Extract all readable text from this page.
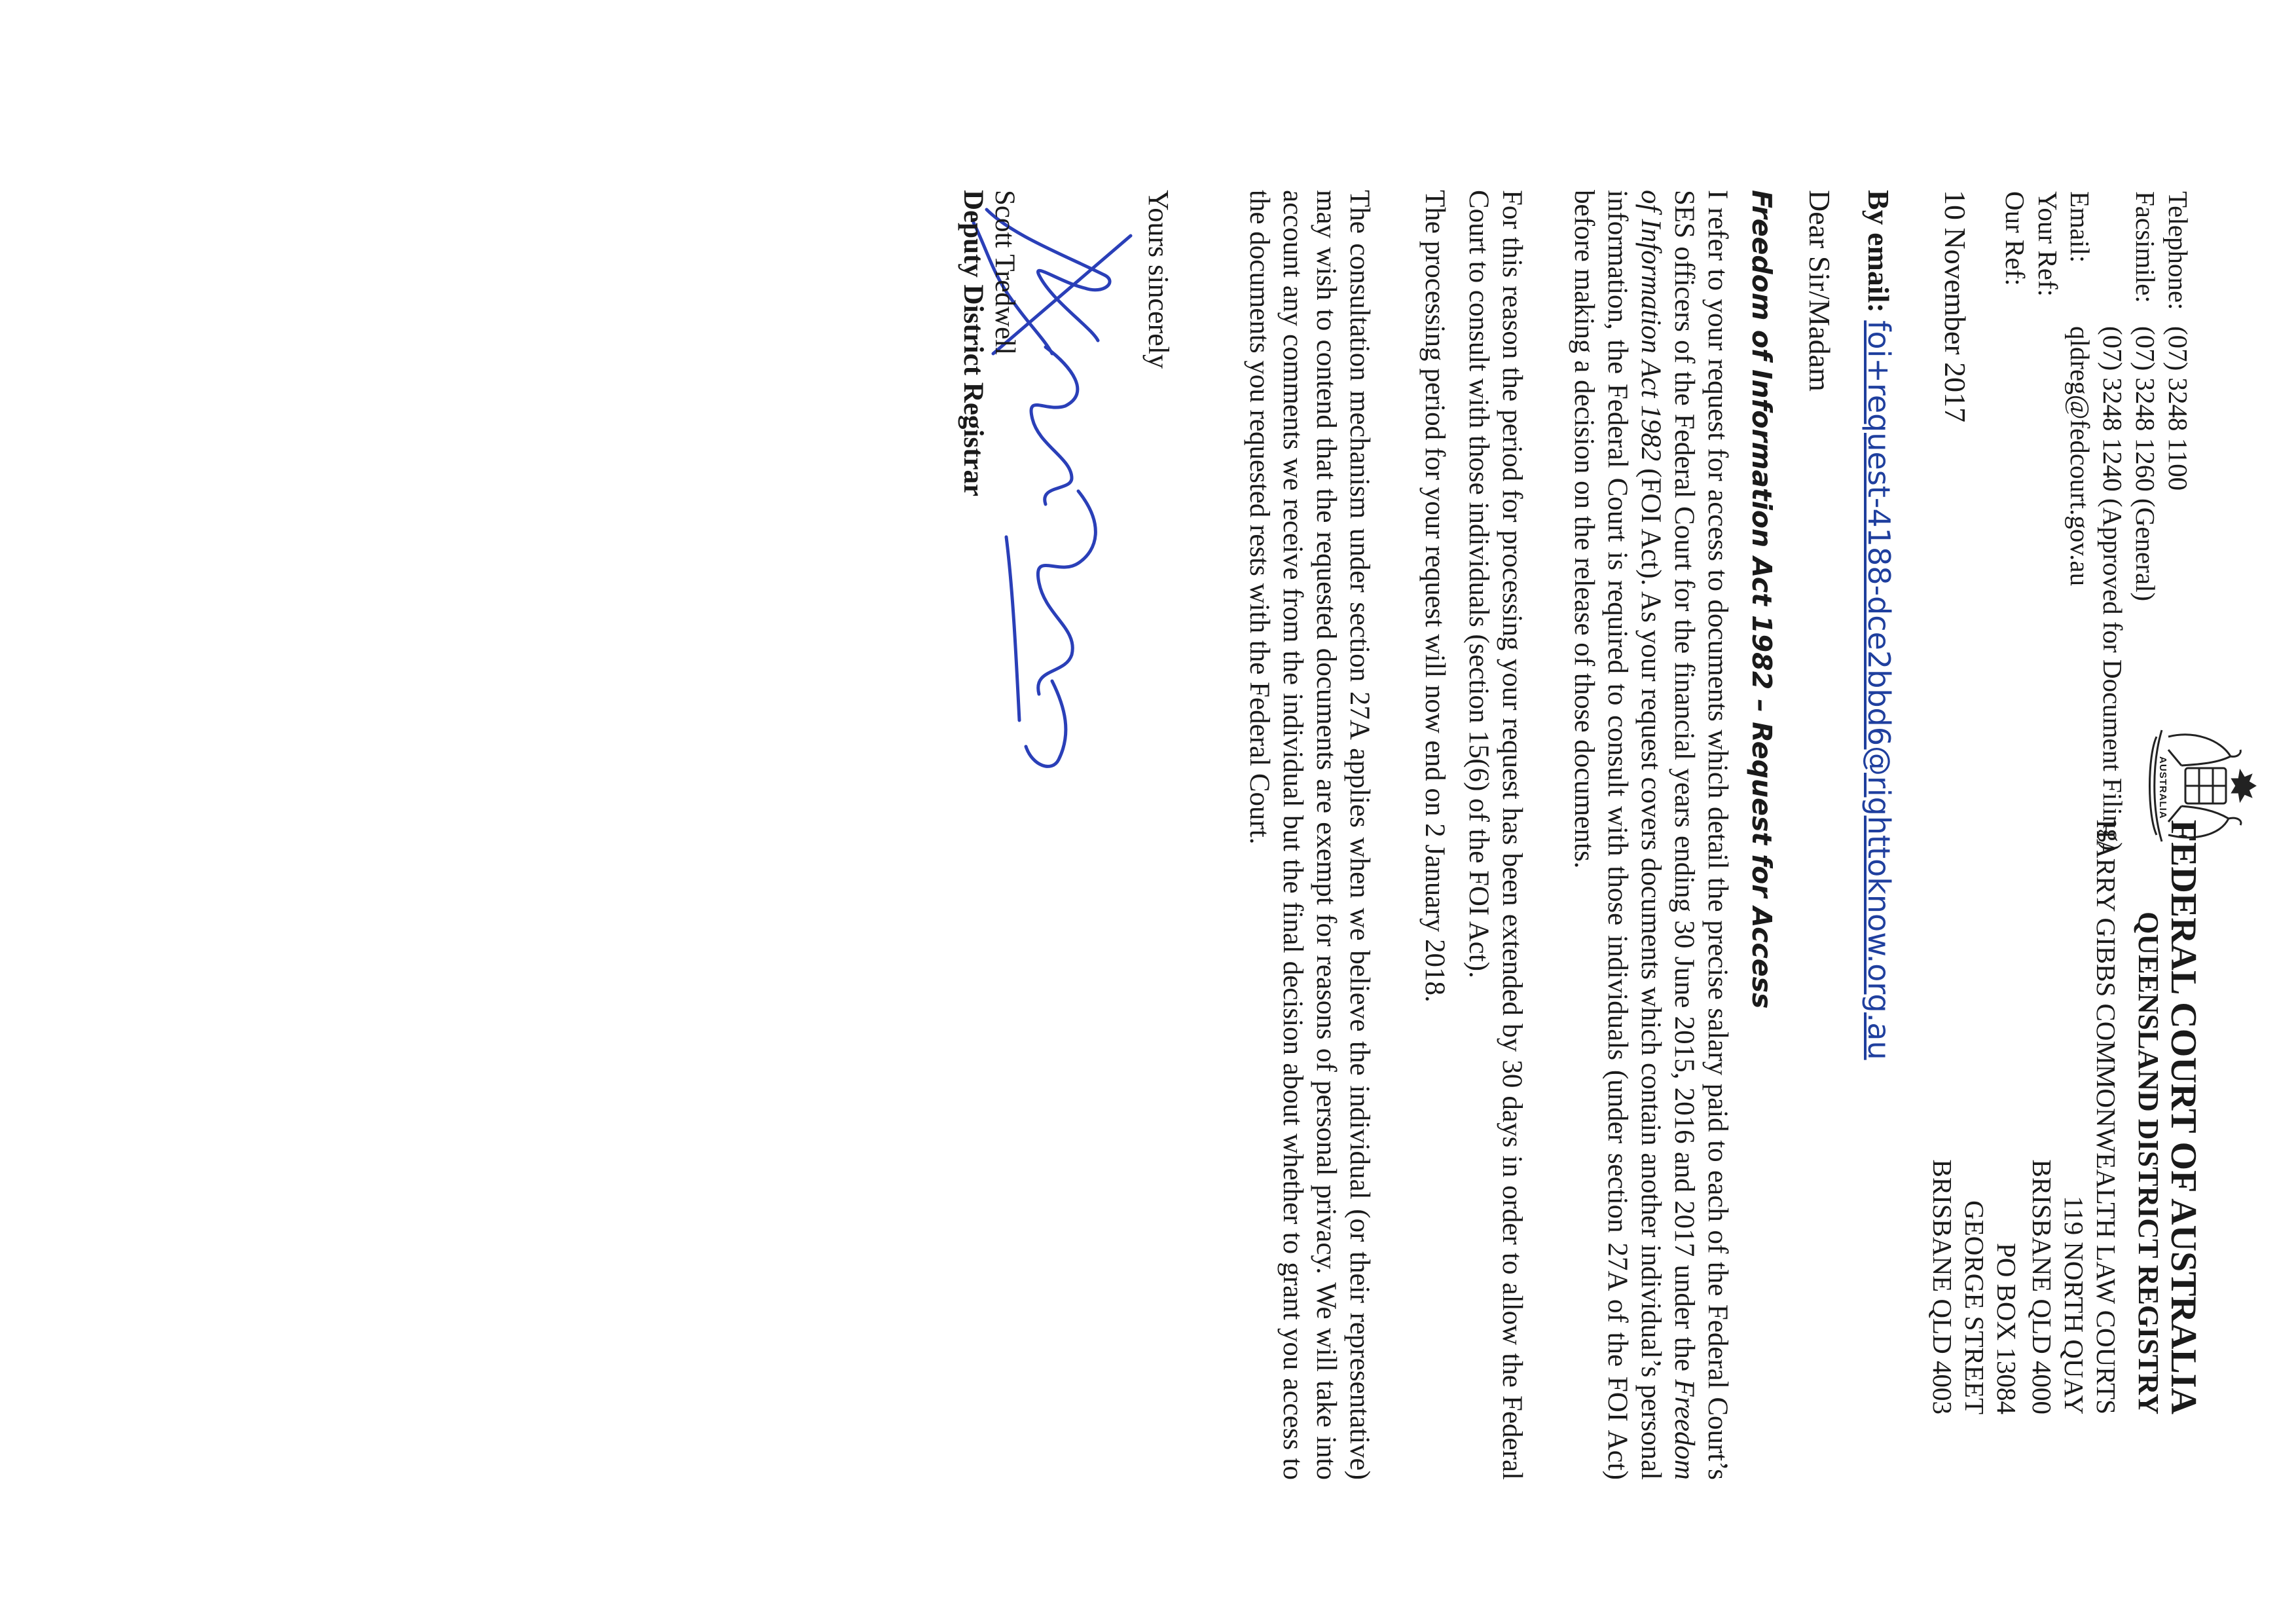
AUSTRALIA
FEDERAL COURT OF AUSTRALIA
QUEENSLAND DISTRICT REGISTRY
HARRY GIBBS COMMONWEALTH LAW COURTS
119 NORTH QUAY
BRISBANE QLD 4000
PO BOX 13084
GEORGE STREET
BRISBANE QLD 4003
Telephone:
Facsimile:

Email:
(07) 3248 1100
(07) 3248 1260 (General)
(07) 3248 1240 (Approved for Document Filing)
qldreg@fedcourt.gov.au
Your Ref:
Our Ref:
10 November 2017
By email: foi+request-4188-dce2bbd6@righttoknow.org.au
Dear Sir/Madam
Freedom of Information Act 1982 – Request for Access
I refer to your request for access to documents which detail the precise salary paid to each of the Federal Court’s SES officers of the Federal Court for the financial years ending 30 June 2015, 2016 and 2017 under the Freedom of Information Act 1982 (FOI Act). As your request covers documents which contain another individual’s personal information, the Federal Court is required to consult with those individuals (under section 27A of the FOI Act) before making a decision on the release of those documents.
For this reason the period for processing your request has been extended by 30 days in order to allow the Federal Court to consult with those individuals (section 15(6) of the FOI Act).
The processing period for your request will now end on 2 January 2018.
The consultation mechanism under section 27A applies when we believe the individual (or their representative) may wish to contend that the requested documents are exempt for reasons of personal privacy. We will take into account any comments we receive from the individual but the final decision about whether to grant you access to the documents you requested rests with the Federal Court.
Yours sincerely
Scott Tredwell
Deputy District Registrar
